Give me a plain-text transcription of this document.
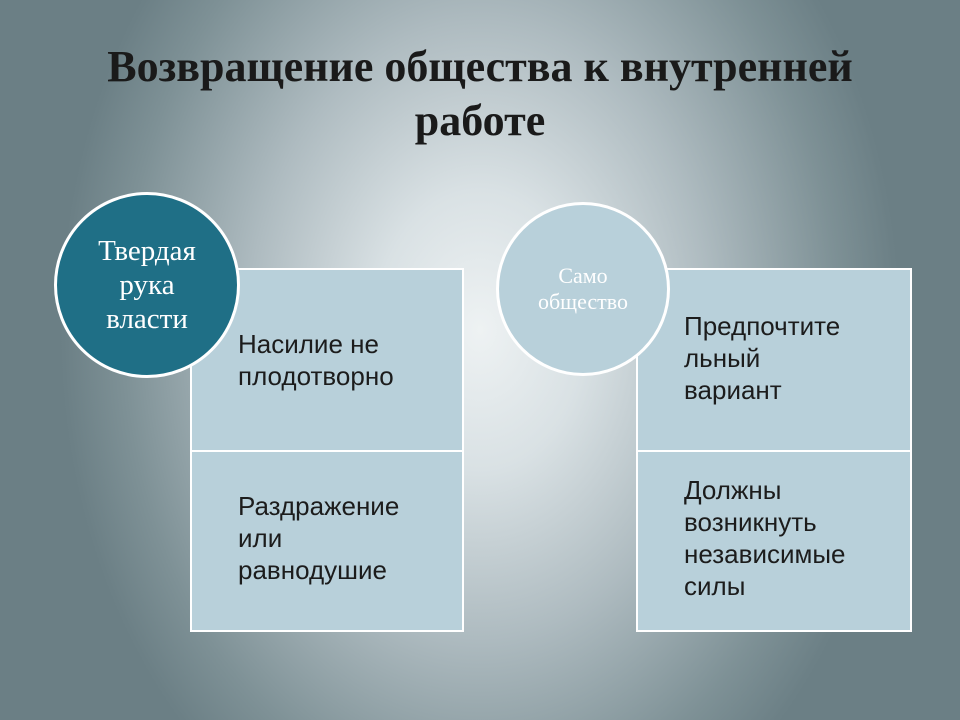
Возвращение общества к внутренней
работе
Насилие не
плодотворно
Раздражение
или
равнодушие
Твердая
рука
власти	Предпочтите
льный
вариант
Должны
возникнуть
независимые
силы
Само
общество
